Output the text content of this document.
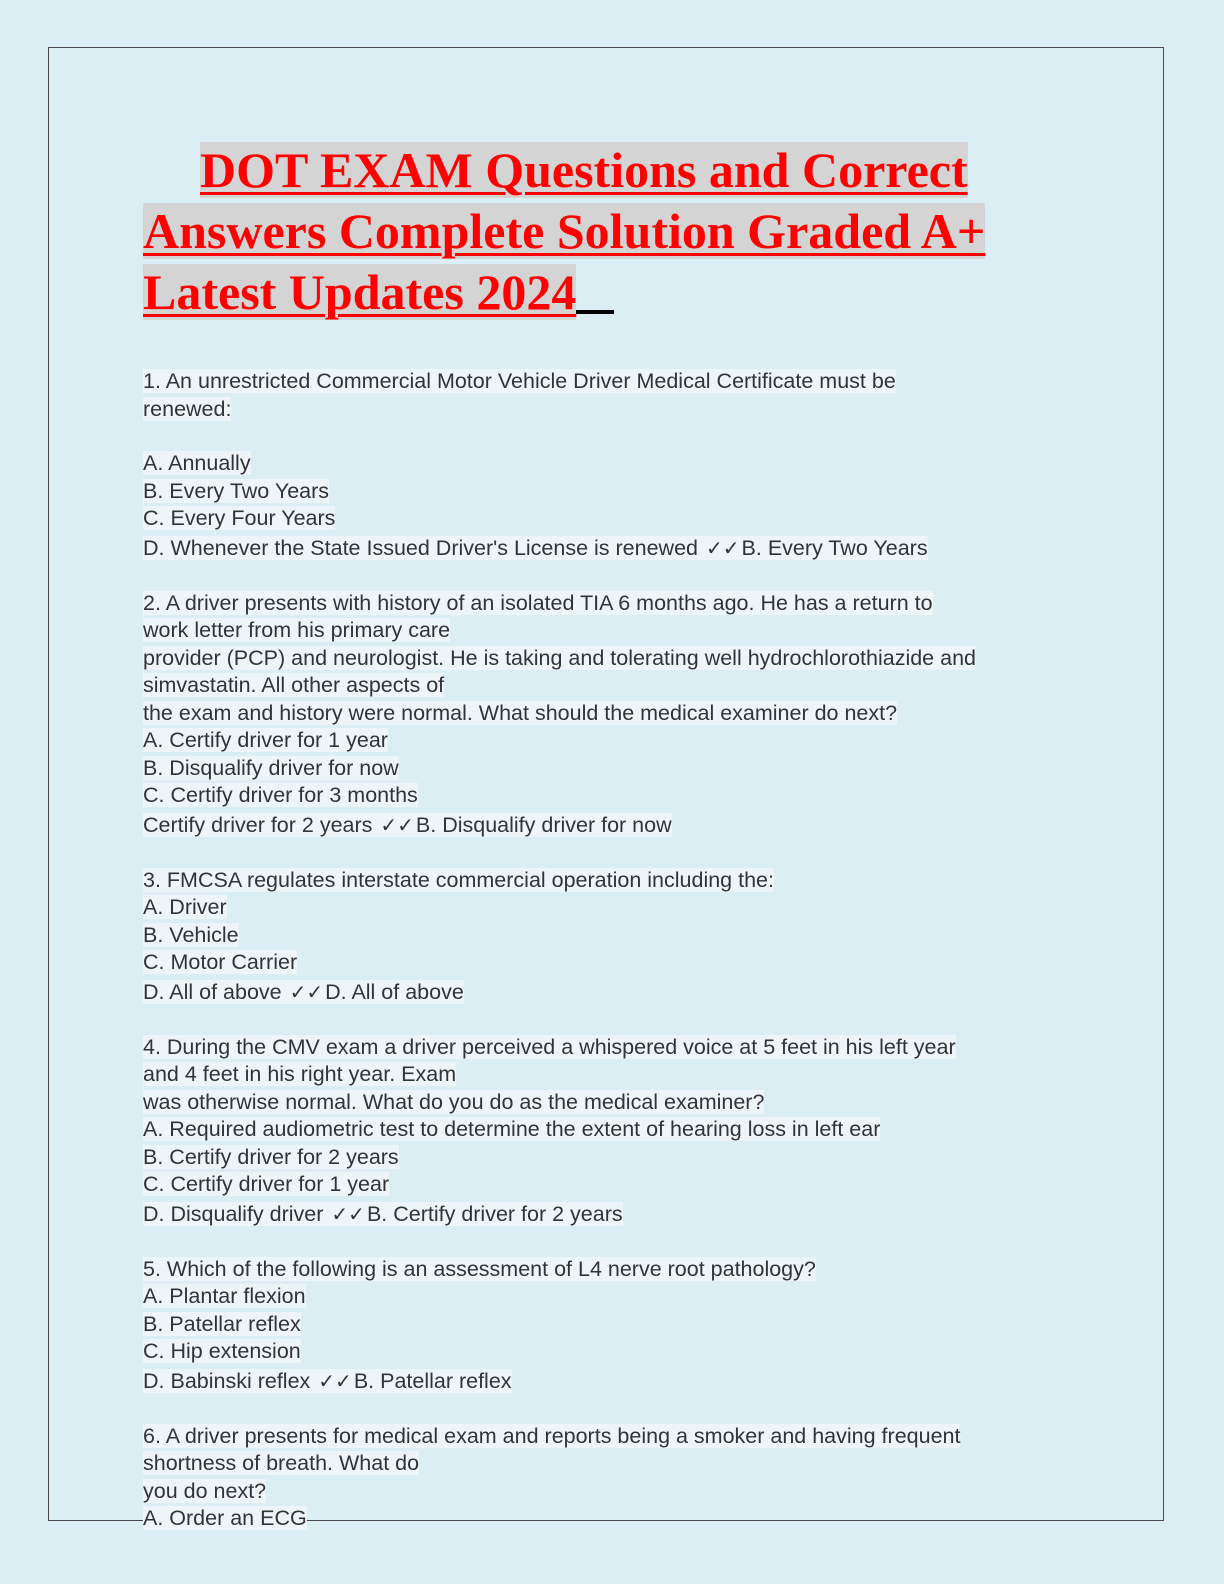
DOT EXAM Questions and Correct
Answers Complete Solution Graded A+
Latest Updates 2024
1. An unrestricted Commercial Motor Vehicle Driver Medical Certificate must be
renewed:
A. Annually
B. Every Two Years
C. Every Four Years
D. Whenever the State Issued Driver's License is renewed ✓✓B. Every Two Years
2. A driver presents with history of an isolated TIA 6 months ago. He has a return to
work letter from his primary care
provider (PCP) and neurologist. He is taking and tolerating well hydrochlorothiazide and
simvastatin. All other aspects of
the exam and history were normal. What should the medical examiner do next?
A. Certify driver for 1 year
B. Disqualify driver for now
C. Certify driver for 3 months
Certify driver for 2 years ✓✓B. Disqualify driver for now
3. FMCSA regulates interstate commercial operation including the:
A. Driver
B. Vehicle
C. Motor Carrier
D. All of above ✓✓D. All of above
4. During the CMV exam a driver perceived a whispered voice at 5 feet in his left year
and 4 feet in his right year. Exam
was otherwise normal. What do you do as the medical examiner?
A. Required audiometric test to determine the extent of hearing loss in left ear
B. Certify driver for 2 years
C. Certify driver for 1 year
D. Disqualify driver ✓✓B. Certify driver for 2 years
5. Which of the following is an assessment of L4 nerve root pathology?
A. Plantar flexion
B. Patellar reflex
C. Hip extension
D. Babinski reflex ✓✓B. Patellar reflex
6. A driver presents for medical exam and reports being a smoker and having frequent
shortness of breath. What do
you do next?
A. Order an ECG
